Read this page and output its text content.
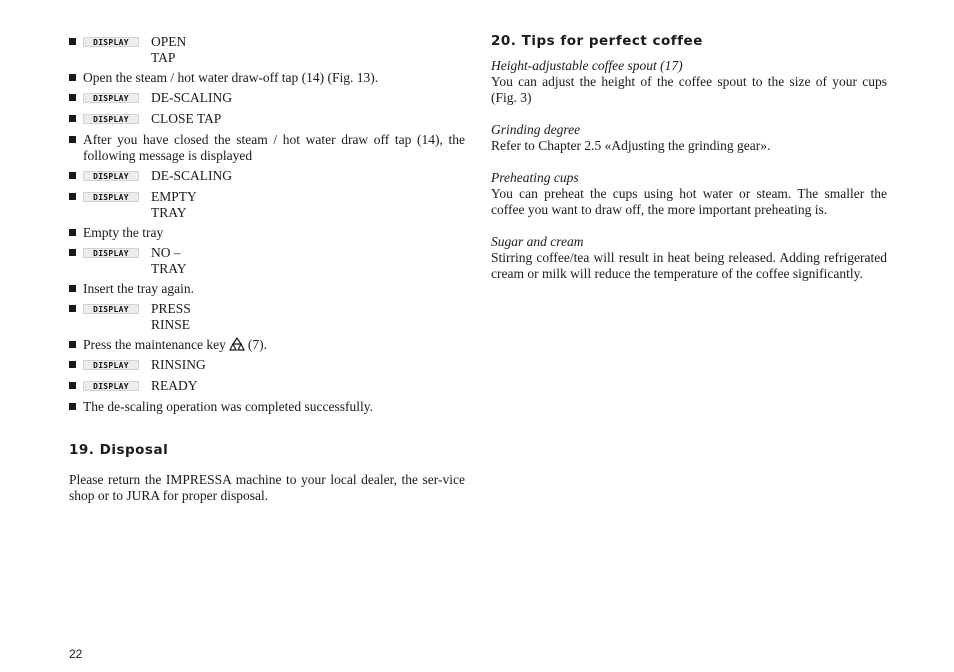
DISPLAY OPEN
TAP
Open the steam / hot water draw-off tap (14) (Fig. 13).
DISPLAY DE-SCALING
DISPLAY CLOSE TAP
After you have closed the steam / hot water draw off tap (14), the following message is displayed
DISPLAY DE-SCALING
DISPLAY EMPTY
TRAY
Empty the tray
DISPLAY NO –
TRAY
Insert the tray again.
DISPLAY PRESS
RINSE
Press the maintenance key (7).
DISPLAY RINSING
DISPLAY READY
The de-scaling operation was completed successfully.
19. Disposal

Please return the IMPRESSA machine to your local dealer, the ser-vice shop or to JURA for proper disposal.

20. Tips for perfect coffee

Height-adjustable coffee spout (17)

You can adjust the height of the coffee spout to the size of your cups (Fig. 3)

Grinding degree

Refer to Chapter 2.5 «Adjusting the grinding gear».

Preheating cups

You can preheat the cups using hot water or steam. The smaller the coffee you want to draw off, the more important preheating is.

Sugar and cream

Stirring coffee/tea will result in heat being released. Adding refrigerated cream or milk will reduce the temperature of the coffee significantly.

22
